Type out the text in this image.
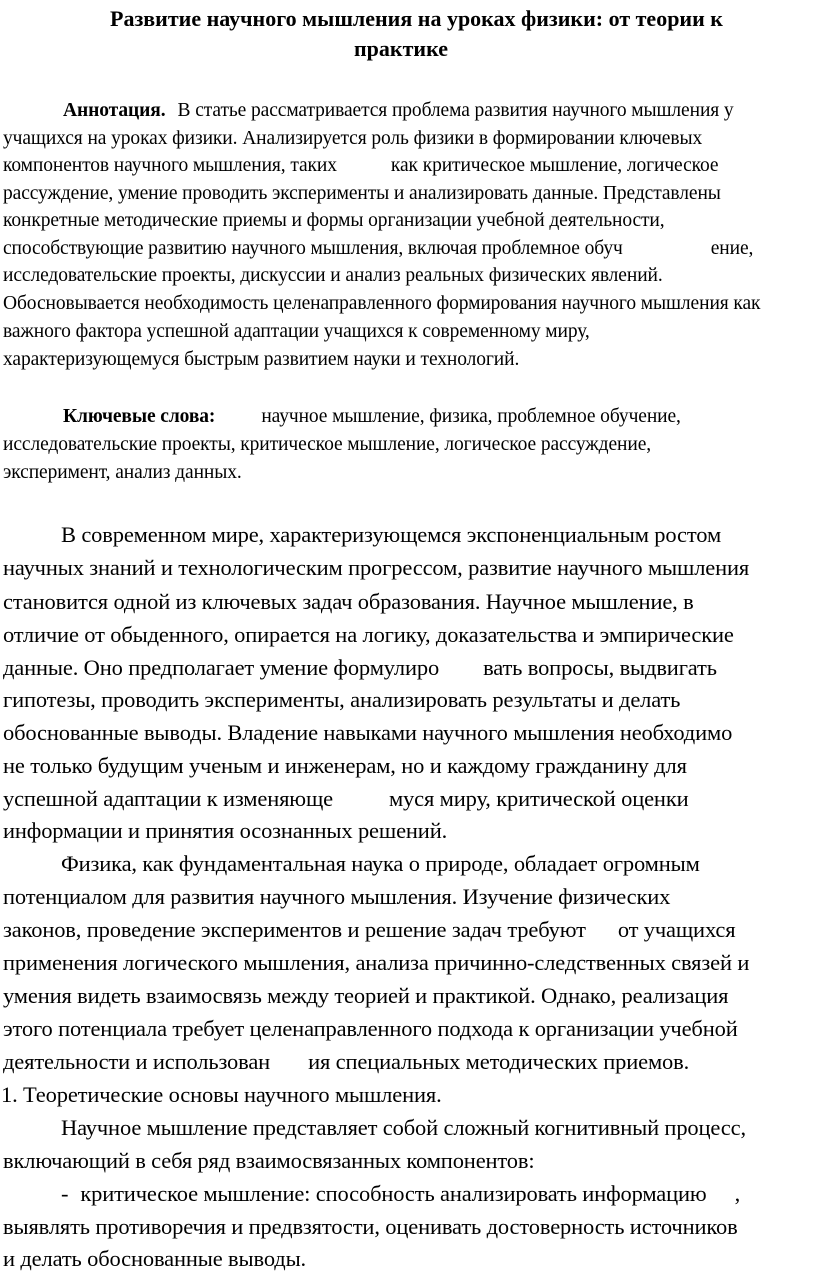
Развитие научного мышления на уроках физики: от теории к
практике
Аннотация. В статье рассматривается проблема развития научного мышления у
учащихся на уроках физики. Анализируется роль физики в формировании ключевых
компонентов научного мышления, таких	как критическое мышление, логическое
рассуждение, умение проводить эксперименты и анализировать данные. Представлены
конкретные методические приемы и формы организации учебной деятельности,
способствующие развитию научного мышления, включая проблемное обуч	ение,
исследовательские проекты, дискуссии и анализ реальных физических явлений.
Обосновывается необходимость целенаправленного формирования научного мышления как
важного фактора успешной адаптации учащихся к современному миру,
характеризующемуся быстрым развитием науки и технологий.
Ключевые слова: научное мышление, физика, проблемное обучение,
исследовательские проекты, критическое мышление, логическое рассуждение,
эксперимент, анализ данных.
В современном мире, характеризующемся экспоненциальным ростом
научных знаний и технологическим прогрессом, развитие научного мышления
становится одной из ключевых задач образования. Научное мышление, в
отличие от обыденного, опирается на логику, доказательства и эмпирические
данные. Оно предполагает умение формулиро вать вопросы, выдвигать
гипотезы, проводить эксперименты, анализировать результаты и делать
обоснованные выводы. Владение навыками научного мышления необходимо
не только будущим ученым и инженерам, но и каждому гражданину для
успешной адаптации к изменяюще муся миру, критической оценки
информации и принятия осознанных решений.
Физика, как фундаментальная наука о природе, обладает огромным
потенциалом для развития научного мышления. Изучение физических
законов, проведение экспериментов и решение задач требуют от учащихся
применения логического мышления, анализа причинно-следственных связей и
умения видеть взаимосвязь между теорией и практикой. Однако, реализация
этого потенциала требует целенаправленного подхода к организации учебной
деятельности и использован ия специальных методических приемов.
1. Теоретические основы научного мышления.
Научное мышление представляет собой сложный когнитивный процесс,
включающий в себя ряд взаимосвязанных компонентов:
- критическое мышление: способность анализировать информацию ,
выявлять противоречия и предвзятости, оценивать достоверность источников
и делать обоснованные выводы.
